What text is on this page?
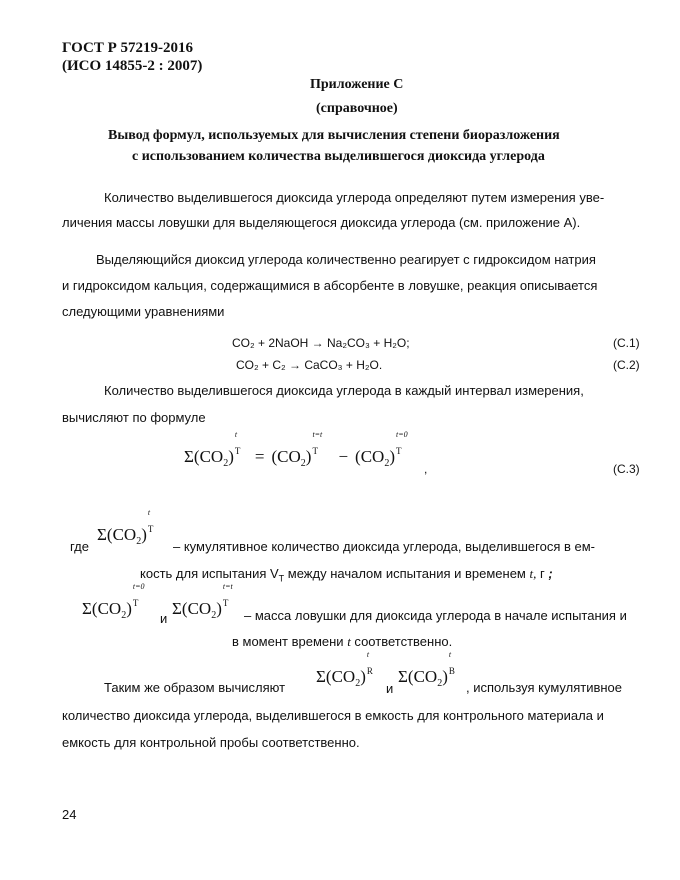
ГОСТ Р 57219-2016
(ИСО 14855-2 : 2007)
Приложение С
(справочное)
Вывод формул, используемых для вычисления степени биоразложения
с использованием количества выделившегося диоксида углерода
Количество выделившегося диоксида углерода определяют путем измерения уве-
личения массы ловушки для выделяющегося диоксида углерода (см. приложение А).
Выделяющийся диоксид углерода количественно реагирует с гидроксидом натрия
и гидроксидом кальция, содержащимися в абсорбенте в ловушке, реакция описывается
следующими уравнениями
CO₂ + 2NaOH → Na₂CO₃ + H₂O;	(C.1)
CO₂ + C₂ → CaCO₃ + H₂O.	(C.2)
Количество выделившегося диоксида углерода в каждый интервал измерения,
вычисляют по формуле
$\Sigma(CO_2)$
t
$T = (CO_2)$
t=t
$T - (CO_2)$
t=0
T
,	(C.3)
где
$\Sigma(CO_2)$
t
T
– кумулятивное количество диоксида углерода, выделившегося в ем-
кость для испытания $V_T$ между началом испытания и временем t, г ;
$\Sigma(CO_2)$
t=0
T
и
$\Sigma(CO_2)$
t=t
T
– масса ловушки для диоксида углерода в начале испытания и
в момент времени t соответственно.
Таким же образом вычисляют
$\Sigma(CO_2)$
t
R
и
$\Sigma(CO_2)$
t
B
, используя кумулятивное
количество диоксида углерода, выделившегося в емкость для контрольного материала и
емкость для контрольной пробы соответственно.
24
